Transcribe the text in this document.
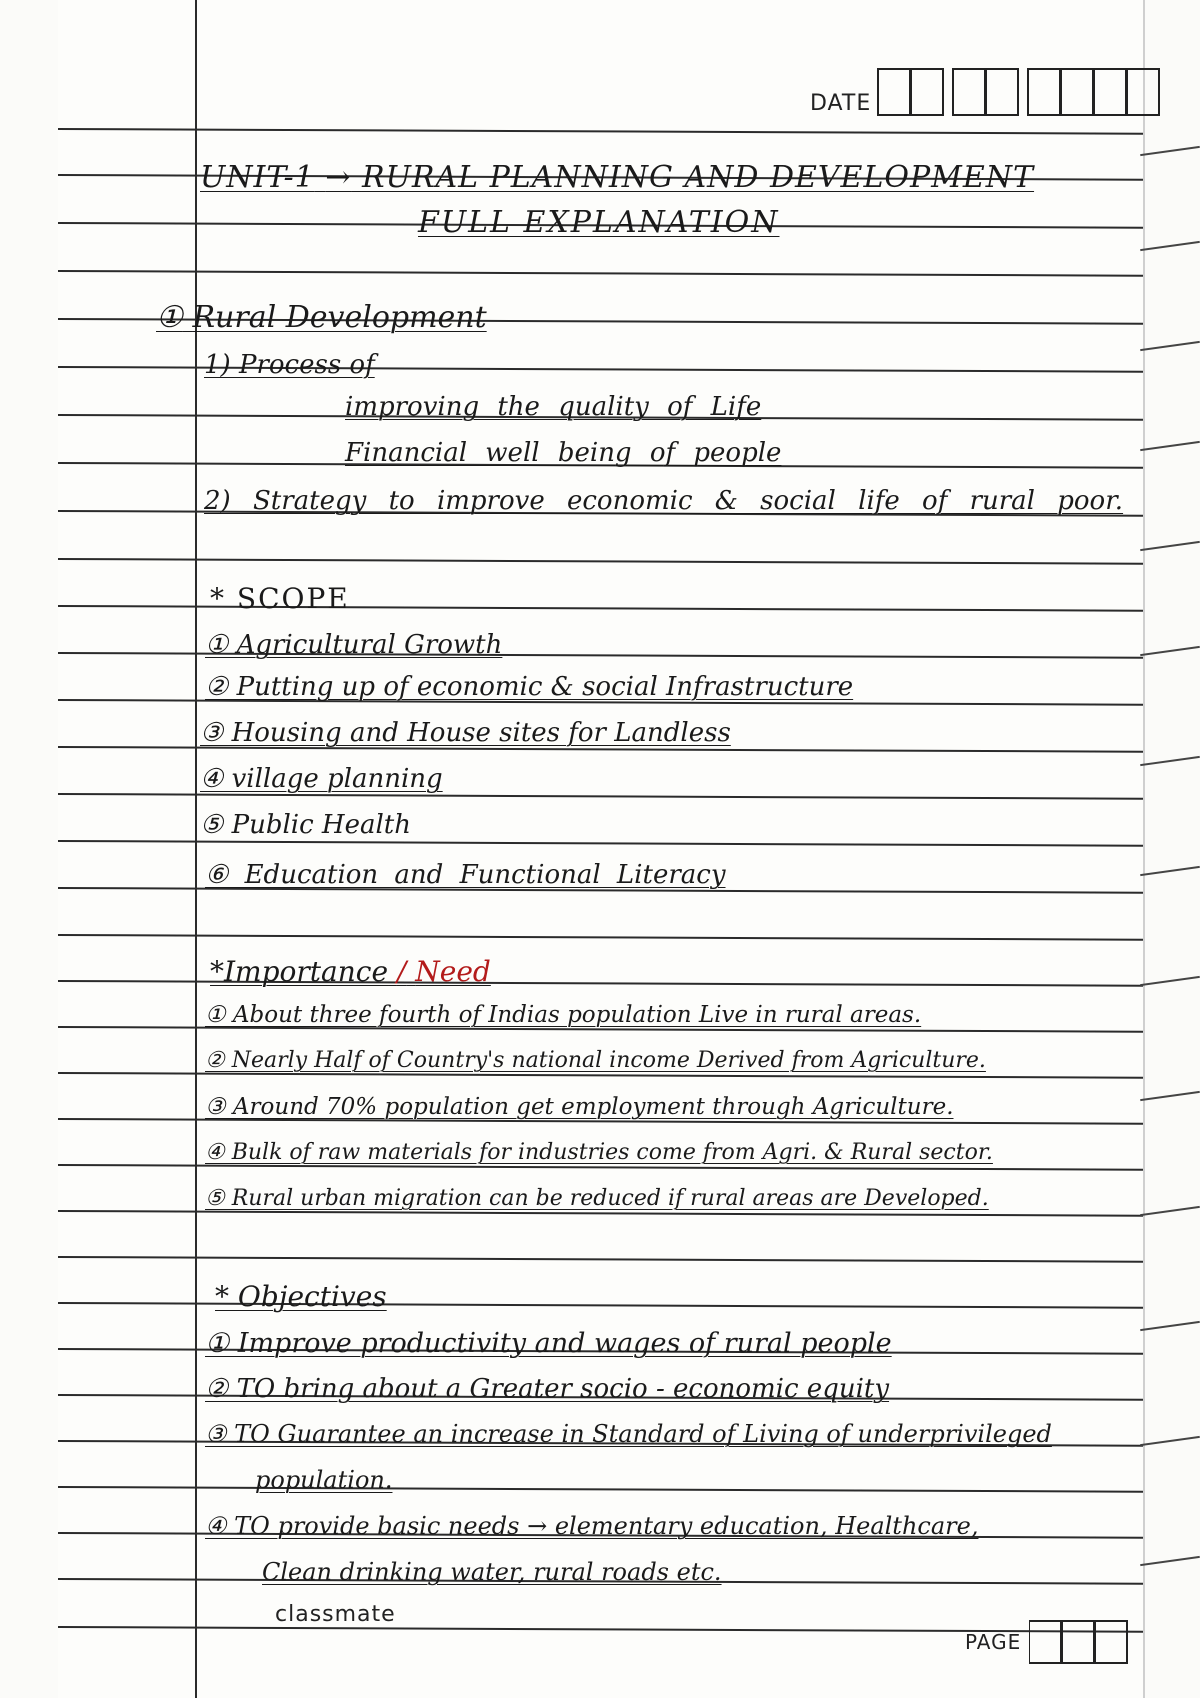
DATE
UNIT-1 → RURAL PLANNING AND DEVELOPMENT
FULL EXPLANATION
① Rural Development
1) Process of
improving the quality of Life
Financial well being of people
2) Strategy to improve economic & social life of rural poor.
* SCOPE
① Agricultural Growth
② Putting up of economic & social Infrastructure
③ Housing and House sites for Landless
④ village planning
⑤ Public Health
⑥ Education and Functional Literacy
*Importance / Need
① About three fourth of Indias population Live in rural areas.
② Nearly Half of Country's national income Derived from Agriculture.
③ Around 70% population get employment through Agriculture.
④ Bulk of raw materials for industries come from Agri. & Rural sector.
⑤ Rural urban migration can be reduced if rural areas are Developed.
* Objectives
① Improve productivity and wages of rural people
② TO bring about a Greater socio - economic equity
③ TO Guarantee an increase in Standard of Living of underprivileged
population.
④ TO provide basic needs → elementary education, Healthcare,
Clean drinking water, rural roads etc.
classmate
PAGE
